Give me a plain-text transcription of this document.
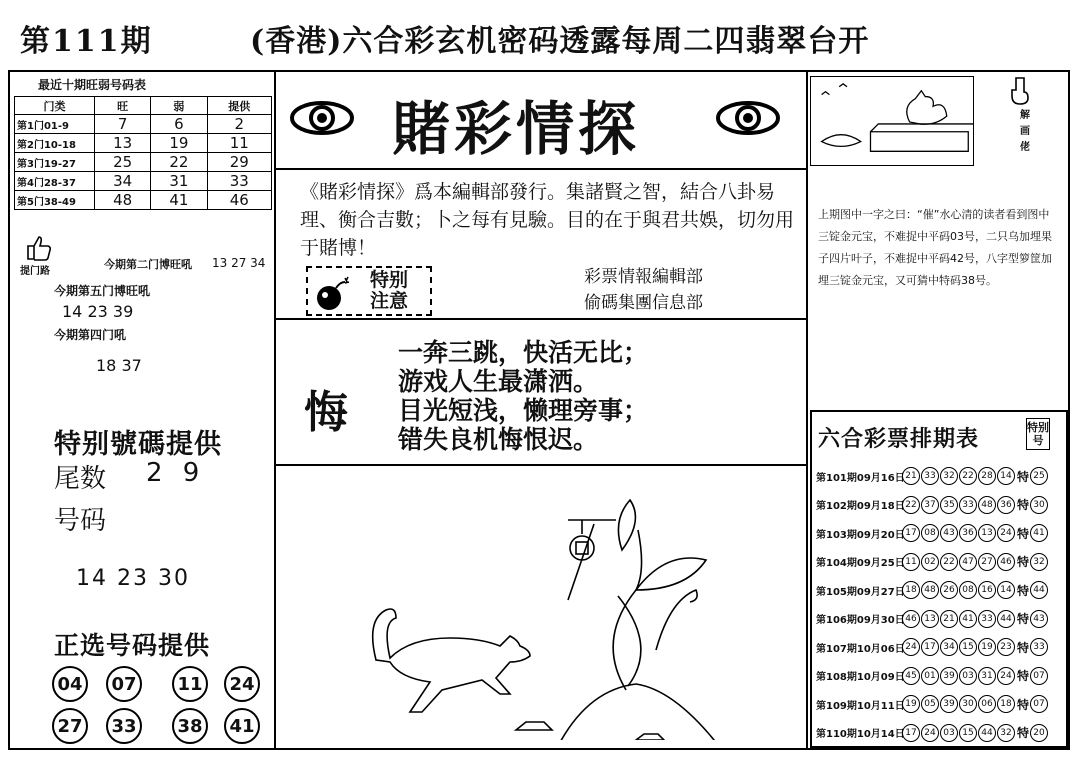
第111期	(香港)六合彩玄机密码透露每周二四翡翠台开
最近十期旺弱号码表
门类	旺	弱	提供
第1门01-9	7	6	2
第2门10-18	13	19	11
第3门19-27	25	22	29
第4门28-37	34	31	33
第5门38-49	48	41	46
提门路
今期第二门博旺吼 13 27 34
今期第五门博旺吼
14 23 39
今期第四门吼
18 37
特别號碼提供
尾数 2 9
号码
14 23 30
正选号码提供
04	07	11	24
27	33	38	41
賭彩情探
《賭彩情探》爲本編輯部發行。集諸賢之智，結合八卦易理、衡合吉數；卜之每有見驗。目的在于與君共娛，切勿用于賭博！
特别注意
彩票情報編輯部
偷碼集團信息部
悔
一奔三跳，快活无比；
游戏人生最潇洒。
目光短浅，懒理旁事；
错失良机悔恨迟。
解画佬
上期图中一字之曰：“催”水心清的读者看到图中三锭金元宝，不难捉中平码03号，二只乌加埋果子四片叶子，不难捉中平码42号，八字型箩筐加埋三锭金元宝，又可猜中特码38号。
六合彩票排期表	特别号
第101期09月16日 21 33 32 22 28 14 特 25
第102期09月18日 22 37 35 33 48 36 特 30
第103期09月20日 17 08 43 36 13 24 特 41
第104期09月25日 11 02 22 47 27 46 特 32
第105期09月27日 18 48 26 08 16 14 特 44
第106期09月30日 46 13 21 41 33 44 特 43
第107期10月06日 24 17 34 15 19 23 特 33
第108期10月09日 45 01 39 03 31 24 特 07
第109期10月11日 19 05 39 30 06 18 特 07
第110期10月14日 17 24 03 15 44 32 特 20
